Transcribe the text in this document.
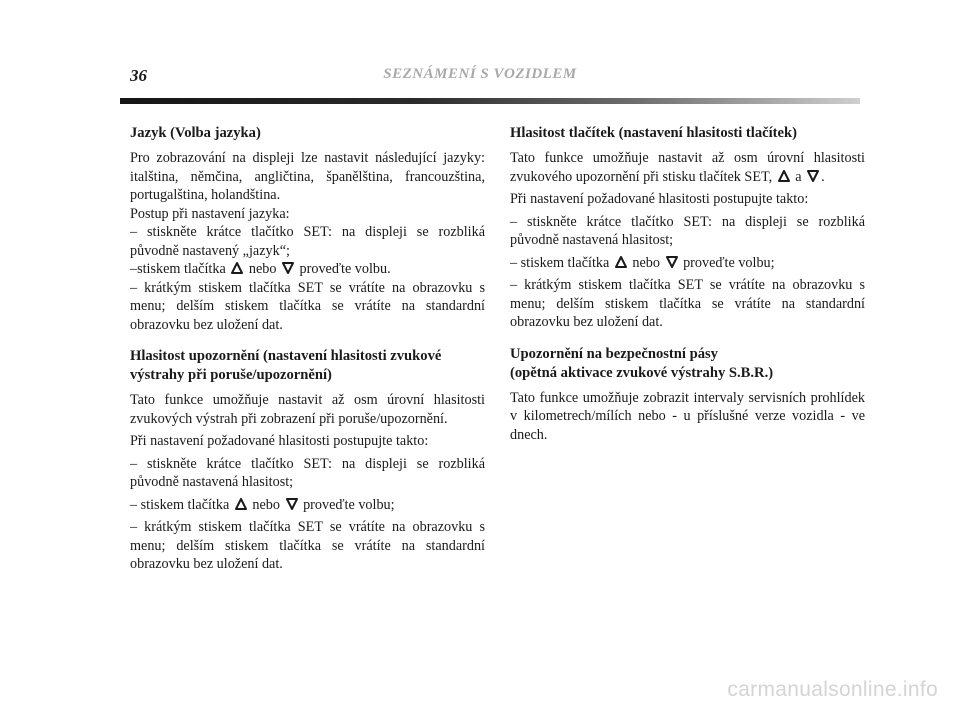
36	SEZNÁMENÍ S VOZIDLEM
Jazyk (Volba jazyka)

Pro zobrazování na displeji lze nastavit následující jazyky: italština, němčina, angličtina, španělština, francouzština, portugalština, holandština.

Postup při nastavení jazyka:

– stiskněte krátce tlačítko SET: na displeji se rozbliká původně nastavený „jazyk“;

–stiskem tlačítka nebo proveďte volbu.

– krátkým stiskem tlačítka SET se vrátíte na obrazovku s menu; delším stiskem tlačítka se vrátíte na standardní obrazovku bez uložení dat.

Hlasitost upozornění (nastavení hlasitosti zvukové
výstrahy při poruše/upozornění)

Tato funkce umožňuje nastavit až osm úrovní hlasitosti zvukových výstrah při zobrazení při poruše/upozornění.

Při nastavení požadované hlasitosti postupujte takto:

– stiskněte krátce tlačítko SET: na displeji se rozbliká původně nastavená hlasitost;

– stiskem tlačítka nebo proveďte volbu;

– krátkým stiskem tlačítka SET se vrátíte na obrazovku s menu; delším stiskem tlačítka se vrátíte na standardní obrazovku bez uložení dat.

Hlasitost tlačítek (nastavení hlasitosti tlačítek)

Tato funkce umožňuje nastavit až osm úrovní hlasitosti zvukového upozornění při stisku tlačítek SET, a .

Při nastavení požadované hlasitosti postupujte takto:

– stiskněte krátce tlačítko SET: na displeji se rozbliká původně nastavená hlasitost;

– stiskem tlačítka nebo proveďte volbu;

– krátkým stiskem tlačítka SET se vrátíte na obrazovku s menu; delším stiskem tlačítka se vrátíte na standardní obrazovku bez uložení dat.

Upozornění na bezpečnostní pásy
(opětná aktivace zvukové výstrahy S.B.R.)

Tato funkce umožňuje zobrazit intervaly servisních prohlídek v kilometrech/mílích nebo - u příslušné verze vozidla - ve dnech.

carmanualsonline.info
